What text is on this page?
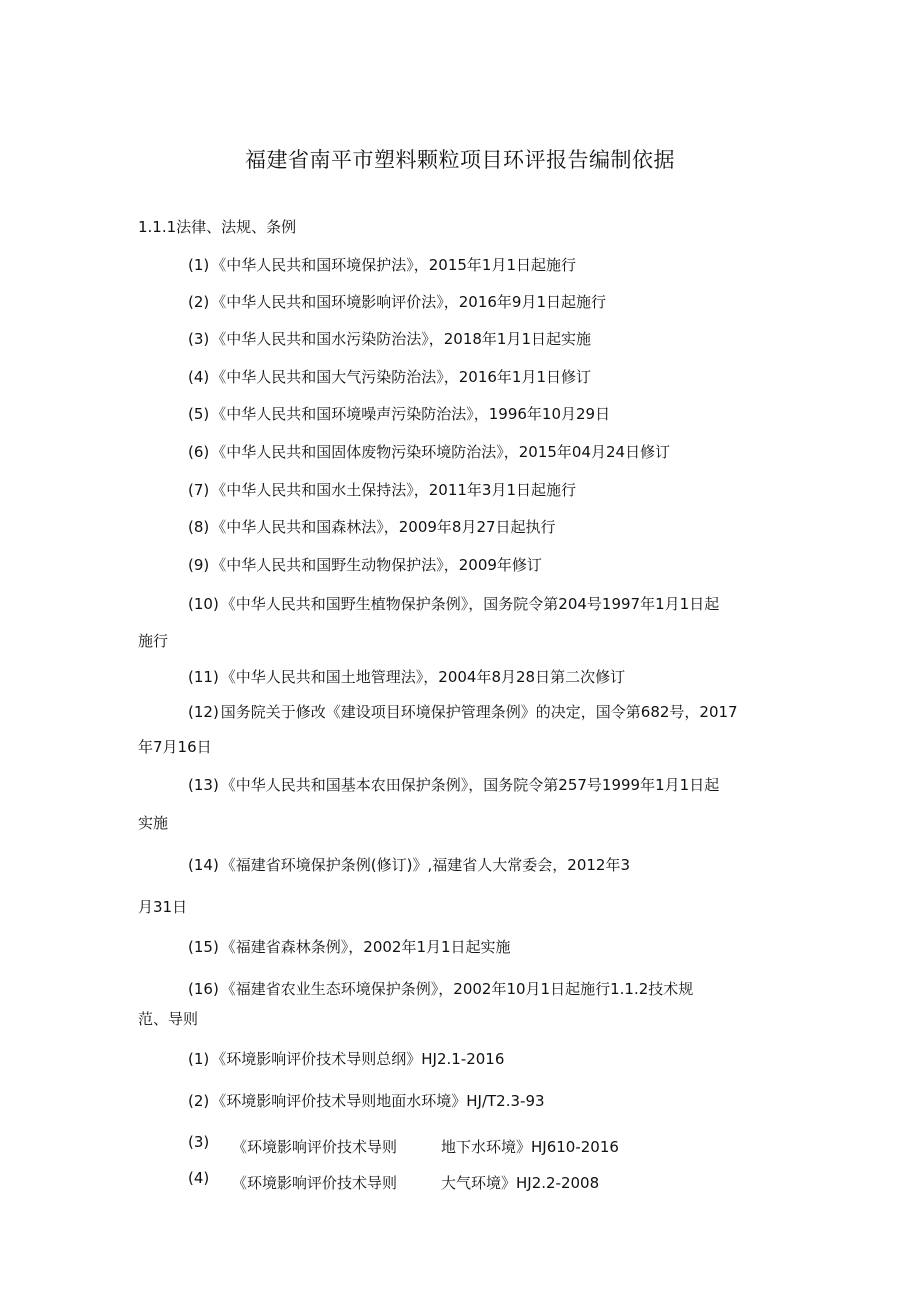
福建省南平市塑料颗粒项目环评报告编制依据
1.1.1法律、法规、条例
(1) 《中华人民共和国环境保护法》，2015年1月1日起施行
(2) 《中华人民共和国环境影响评价法》，2016年9月1日起施行
(3) 《中华人民共和国水污染防治法》，2018年1月1日起实施
(4) 《中华人民共和国大气污染防治法》，2016年1月1日修订
(5) 《中华人民共和国环境噪声污染防治法》，1996年10月29日
(6) 《中华人民共和国固体废物污染环境防治法》，2015年04月24日修订
(7) 《中华人民共和国水土保持法》，2011年3月1日起施行
(8) 《中华人民共和国森林法》，2009年8月27日起执行
(9) 《中华人民共和国野生动物保护法》，2009年修订
(10) 《中华人民共和国野生植物保护条例》，国务院令第204号1997年1月1日起
施行
(11) 《中华人民共和国土地管理法》，2004年8月28日第二次修订
(12) 国务院关于修改《建设项目环境保护管理条例》的决定，国令第682号，2017
年7月16日
(13) 《中华人民共和国基本农田保护条例》，国务院令第257号1999年1月1日起
实施
(14) 《福建省环境保护条例(修订)》,福建省人大常委会，2012年3
月31日
(15) 《福建省森林条例》，2002年1月1日起实施
(16) 《福建省农业生态环境保护条例》，2002年10月1日起施行1.1.2技术规
范、导则
(1) 《环境影响评价技术导则总纲》HJ2.1-2016
(2) 《环境影响评价技术导则地面水环境》HJ/T2.3-93
(3) 《环境影响评价技术导则	地下水环境》HJ610-2016
(4) 《环境影响评价技术导则	大气环境》HJ2.2-2008
